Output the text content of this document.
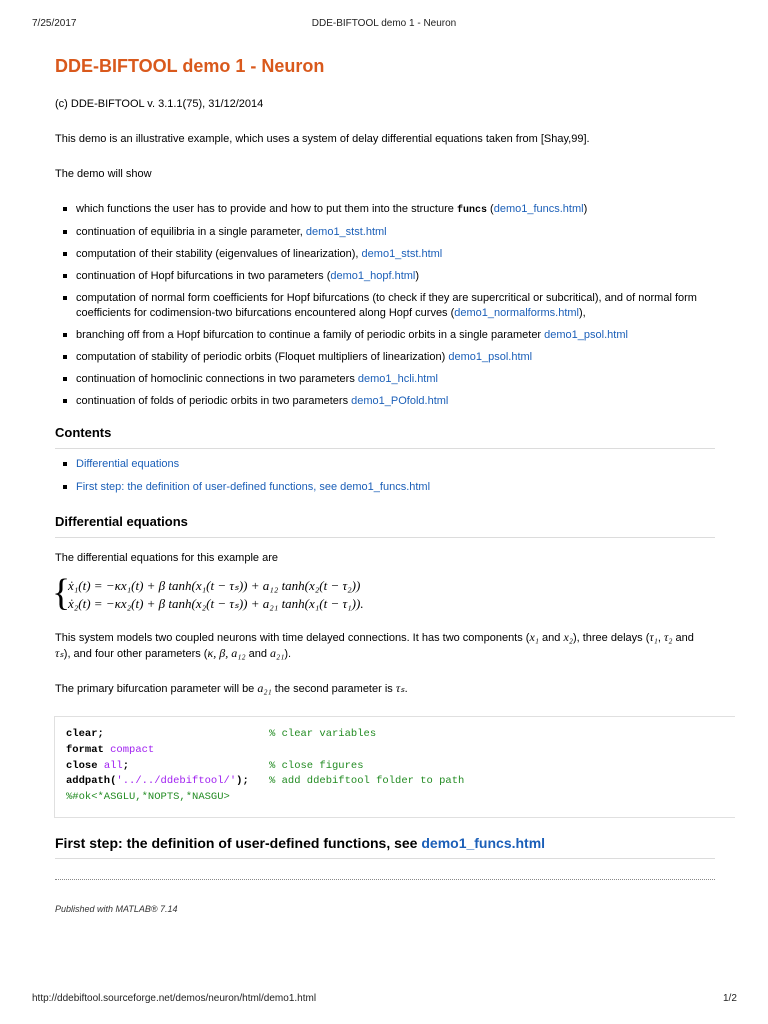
7/25/2017	DDE-BIFTOOL demo 1 - Neuron
DDE-BIFTOOL demo 1 - Neuron

(c) DDE-BIFTOOL v. 3.1.1(75), 31/12/2014

This demo is an illustrative example, which uses a system of delay differential equations taken from [Shay,99].

The demo will show

which functions the user has to provide and how to put them into the structure funcs (demo1_funcs.html)
continuation of equilibria in a single parameter, demo1_stst.html
computation of their stability (eigenvalues of linearization), demo1_stst.html
continuation of Hopf bifurcations in two parameters (demo1_hopf.html)
computation of normal form coefficients for Hopf bifurcations (to check if they are supercritical or subcritical), and of normal form coefficients for codimension-two bifurcations encountered along Hopf curves (demo1_normalforms.html),
branching off from a Hopf bifurcation to continue a family of periodic orbits in a single parameter demo1_psol.html
computation of stability of periodic orbits (Floquet multipliers of linearization) demo1_psol.html
continuation of homoclinic connections in two parameters demo1_hcli.html
continuation of folds of periodic orbits in two parameters demo1_POfold.html
Contents
Differential equations
First step: the definition of user-defined functions, see demo1_funcs.html
Differential equations

The differential equations for this example are

{
ẋ₁(t) = −κx₁(t) + β tanh(x₁(t − τₛ)) + a₁₂ tanh(x₂(t − τ₂))
ẋ₂(t) = −κx₂(t) + β tanh(x₂(t − τₛ)) + a₂₁ tanh(x₁(t − τ₁)).
This system models two coupled neurons with time delayed connections. It has two components (x₁ and x₂), three delays (τ₁, τ₂ and
τₛ), and four other parameters (κ, β, a₁₂ and a₂₁).
The primary bifurcation parameter will be a₂₁ the second parameter is τₛ.
clear;	% clear variables
format compact
close all;	% close figures
addpath('../../ddebiftool/'); % add ddebiftool folder to path
%#ok<*ASGLU,*NOPTS,*NASGU>
First step: the definition of user-defined functions, see demo1_funcs.html
Published with MATLAB® 7.14
http://ddebiftool.sourceforge.net/demos/neuron/html/demo1.html	1/2
